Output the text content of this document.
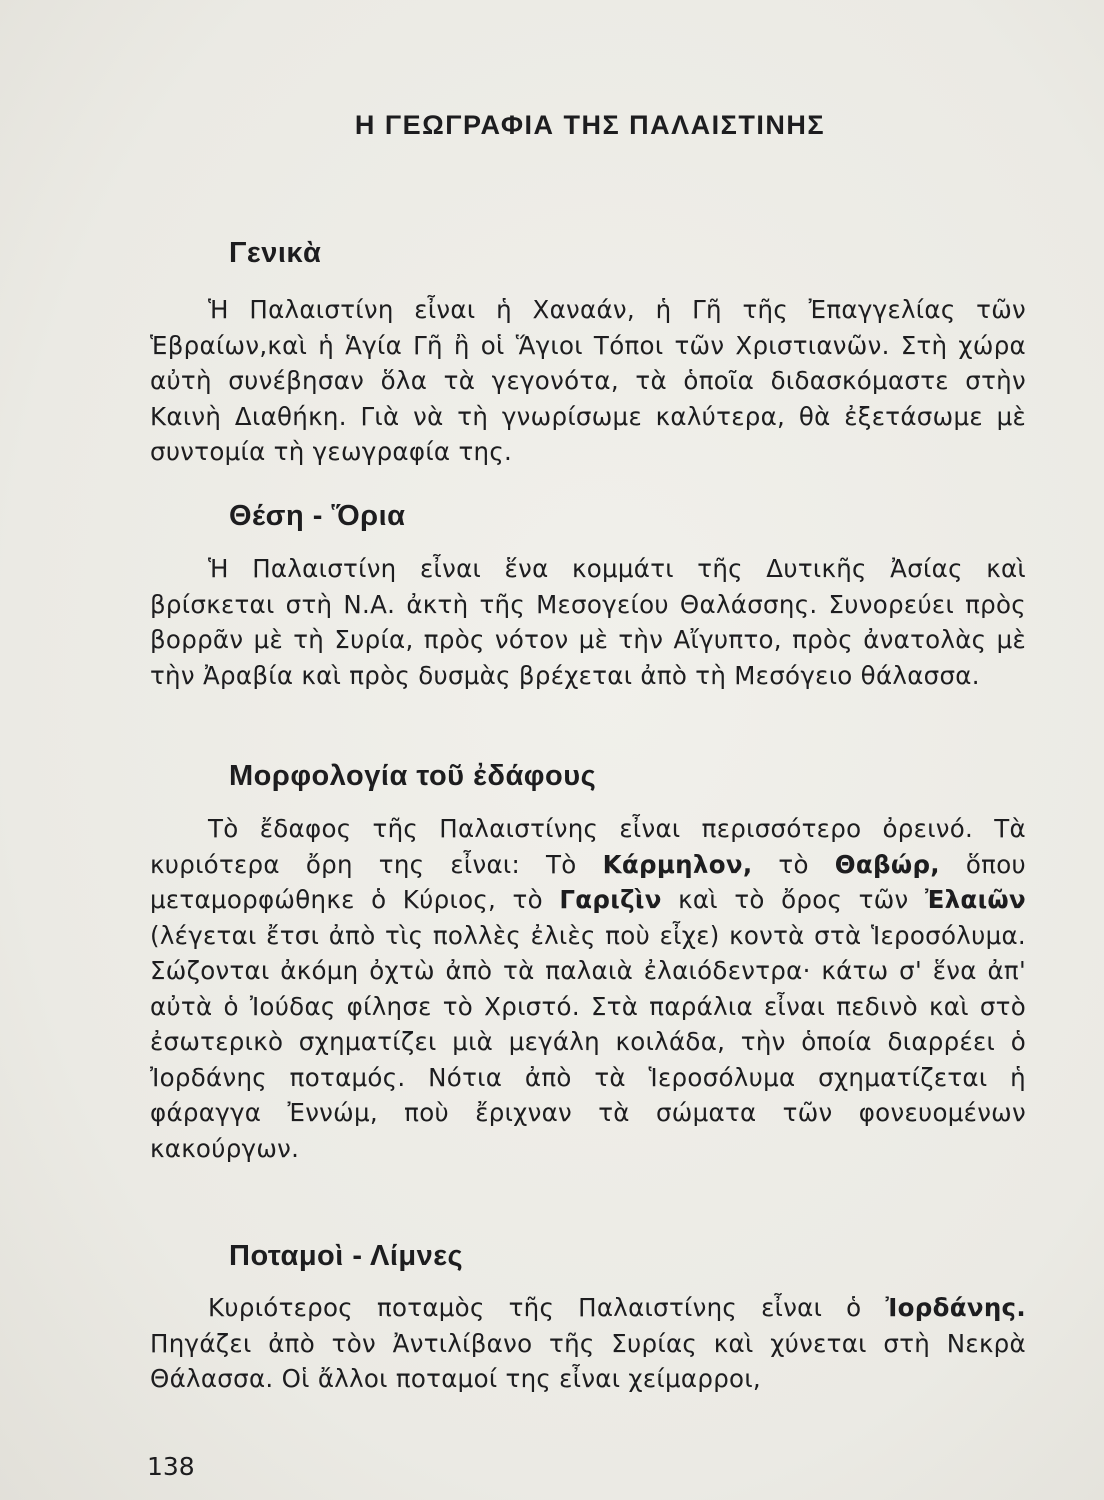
Η ΓΕΩΓΡΑΦΙΑ ΤΗΣ ΠΑΛΑΙΣΤΙΝΗΣ
Γενικὰ

Ἡ Παλαιστίνη εἶναι ἡ Χαναάν, ἡ Γῆ τῆς Ἐπαγγελίας τῶν Ἑβραίων,καὶ ἡ Ἁγία Γῆ ἢ οἱ Ἅγιοι Τόποι τῶν Χριστιανῶν. Στὴ χώρα αὐτὴ συνέβησαν ὅλα τὰ γεγονότα, τὰ ὁποῖα διδασκόμαστε στὴν Καινὴ Διαθήκη. Γιὰ νὰ τὴ γνωρίσωμε καλύτερα, θὰ ἐξετάσωμε μὲ συντομία τὴ γεωγραφία της.

Θέση - Ὅρια

Ἡ Παλαιστίνη εἶναι ἕνα κομμάτι τῆς Δυτικῆς Ἀσίας καὶ βρίσκεται στὴ Ν.Α. ἀκτὴ τῆς Μεσογείου Θαλάσσης. Συνορεύει πρὸς βορρᾶν μὲ τὴ Συρία, πρὸς νότον μὲ τὴν Αἴγυπτο, πρὸς ἀνατολὰς μὲ τὴν Ἀραβία καὶ πρὸς δυσμὰς βρέχεται ἀπὸ τὴ Μεσόγειο θάλασσα.

Μορφολογία τοῦ ἐδάφους

Τὸ ἔδαφος τῆς Παλαιστίνης εἶναι περισσότερο ὀρεινό. Τὰ κυριότερα ὄρη της εἶναι: Τὸ Κάρμηλον, τὸ Θαβώρ, ὅπου μεταμορφώθηκε ὁ Κύριος, τὸ Γαριζὶν καὶ τὸ ὄρος τῶν Ἐλαιῶν (λέγεται ἔτσι ἀπὸ τὶς πολλὲς ἐλιὲς ποὺ εἶχε) κοντὰ στὰ Ἱεροσόλυμα. Σώζονται ἀκόμη ὀχτὼ ἀπὸ τὰ παλαιὰ ἐλαιόδεντρα· κάτω σ' ἕνα ἀπ' αὐτὰ ὁ Ἰούδας φίλησε τὸ Χριστό. Στὰ παράλια εἶναι πεδινὸ καὶ στὸ ἐσωτερικὸ σχηματίζει μιὰ μεγάλη κοιλάδα, τὴν ὁποία διαρρέει ὁ Ἰορδάνης ποταμός. Νότια ἀπὸ τὰ Ἱεροσόλυμα σχηματίζεται ἡ φάραγγα Ἐννώμ, ποὺ ἔριχναν τὰ σώματα τῶν φονευομένων κακούργων.

Ποταμοὶ - Λίμνες

Κυριότερος ποταμὸς τῆς Παλαιστίνης εἶναι ὁ Ἰορδάνης. Πηγάζει ἀπὸ τὸν Ἀντιλίβανο τῆς Συρίας καὶ χύνεται στὴ Νεκρὰ Θάλασσα. Οἱ ἄλλοι ποταμοί της εἶναι χείμαρροι,

138
